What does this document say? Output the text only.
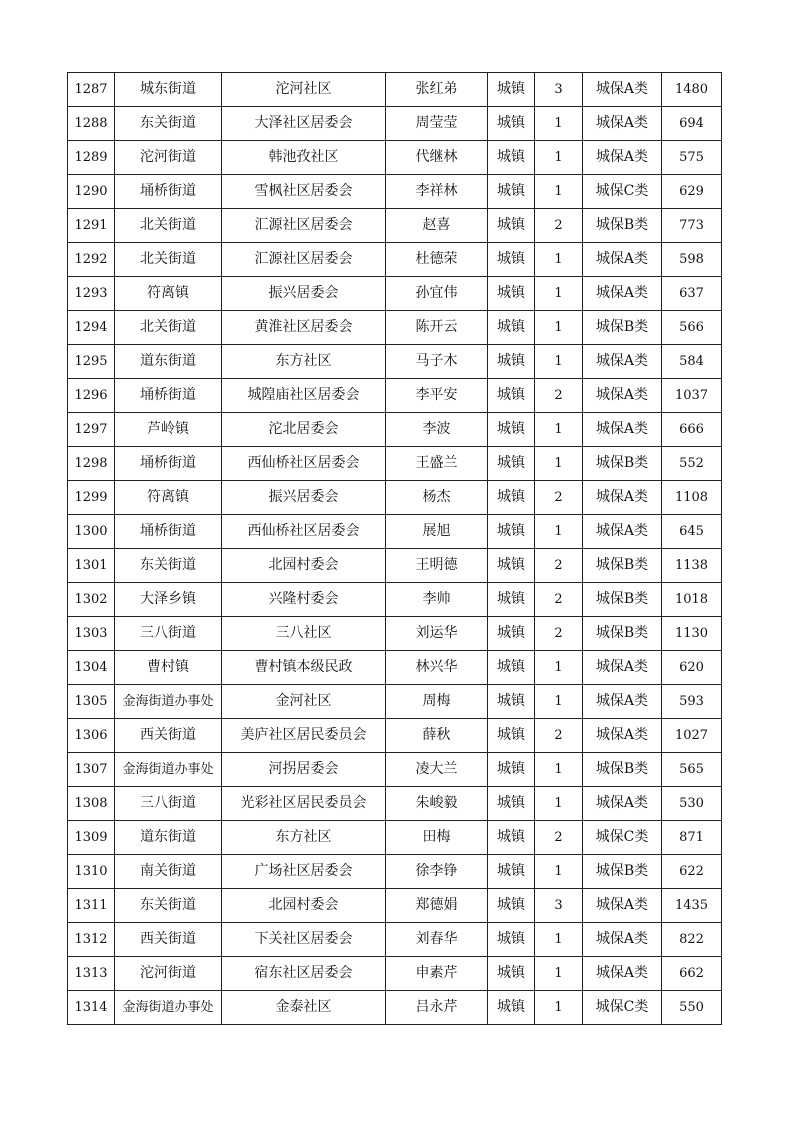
1287	城东街道	沱河社区	张红弟	城镇	3	城保A类	1480
1288	东关街道	大泽社区居委会	周莹莹	城镇	1	城保A类	694
1289	沱河街道	韩池孜社区	代继林	城镇	1	城保A类	575
1290	埇桥街道	雪枫社区居委会	李祥林	城镇	1	城保C类	629
1291	北关街道	汇源社区居委会	赵喜	城镇	2	城保B类	773
1292	北关街道	汇源社区居委会	杜德荣	城镇	1	城保A类	598
1293	符离镇	振兴居委会	孙宜伟	城镇	1	城保A类	637
1294	北关街道	黄淮社区居委会	陈开云	城镇	1	城保B类	566
1295	道东街道	东方社区	马子木	城镇	1	城保A类	584
1296	埇桥街道	城隍庙社区居委会	李平安	城镇	2	城保A类	1037
1297	芦岭镇	沱北居委会	李波	城镇	1	城保A类	666
1298	埇桥街道	西仙桥社区居委会	王盛兰	城镇	1	城保B类	552
1299	符离镇	振兴居委会	杨杰	城镇	2	城保A类	1108
1300	埇桥街道	西仙桥社区居委会	展旭	城镇	1	城保A类	645
1301	东关街道	北园村委会	王明德	城镇	2	城保B类	1138
1302	大泽乡镇	兴隆村委会	李帅	城镇	2	城保B类	1018
1303	三八街道	三八社区	刘运华	城镇	2	城保B类	1130
1304	曹村镇	曹村镇本级民政	林兴华	城镇	1	城保A类	620
1305	金海街道办事处	金河社区	周梅	城镇	1	城保A类	593
1306	西关街道	美庐社区居民委员会	薛秋	城镇	2	城保A类	1027
1307	金海街道办事处	河拐居委会	凌大兰	城镇	1	城保B类	565
1308	三八街道	光彩社区居民委员会	朱峻毅	城镇	1	城保A类	530
1309	道东街道	东方社区	田梅	城镇	2	城保C类	871
1310	南关街道	广场社区居委会	徐李铮	城镇	1	城保B类	622
1311	东关街道	北园村委会	郑德娟	城镇	3	城保A类	1435
1312	西关街道	下关社区居委会	刘春华	城镇	1	城保A类	822
1313	沱河街道	宿东社区居委会	申素芹	城镇	1	城保A类	662
1314	金海街道办事处	金泰社区	吕永芹	城镇	1	城保C类	550
